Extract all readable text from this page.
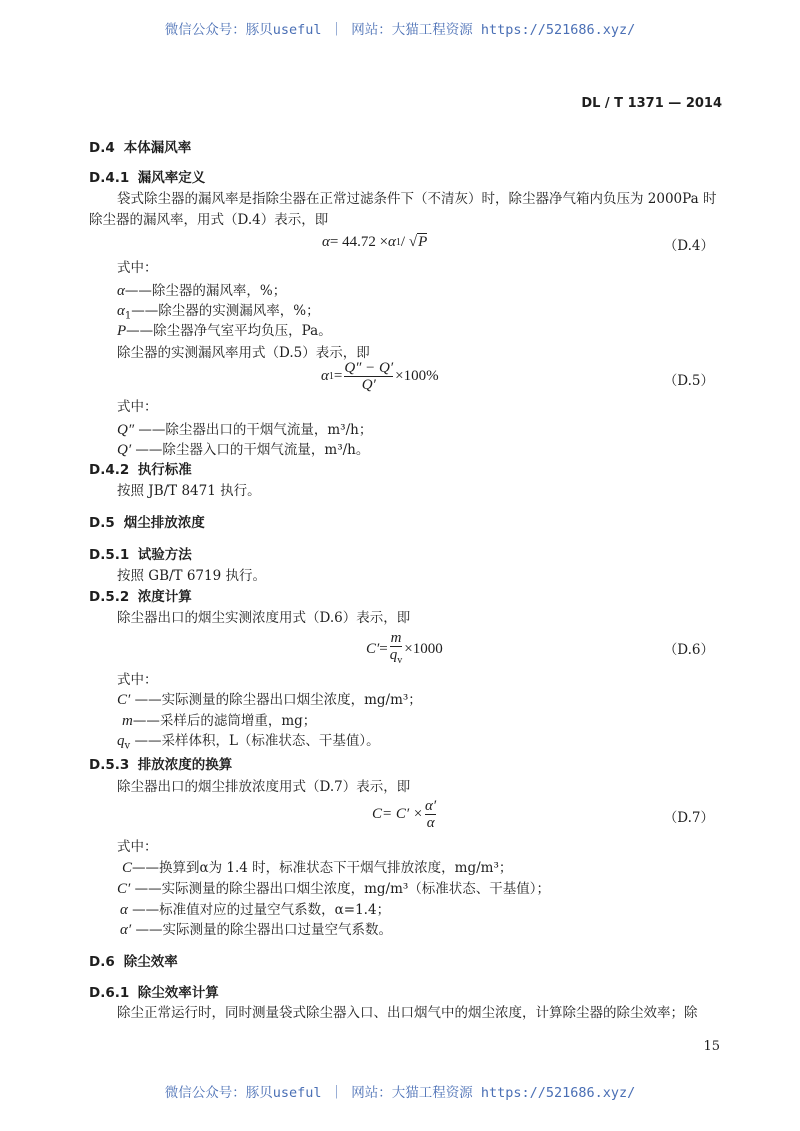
微信公众号：豚贝useful ｜ 网站：大猫工程资源 https://521686.xyz/
DL / T 1371 — 2014
D.4 本体漏风率
D.4.1 漏风率定义
袋式除尘器的漏风率是指除尘器在正常过滤条件下（不清灰）时，除尘器净气箱内负压为 2000Pa 时
除尘器的漏风率，用式（D.4）表示，即
α = 44.72 × α 1 / √ P	（D.4）
式中：
α——除尘器的漏风率，%；
$\alpha_1——$除尘器的实测漏风率，%；
P——除尘器净气室平均负压，Pa。
除尘器的实测漏风率用式（D.5）表示，即
α $1 = \frac{Q'' - Q'}{Q'} \times 100\%$	（D.5）
式中：
Q″ ——除尘器出口的干烟气流量，m³/h；
Q′ ——除尘器入口的干烟气流量，m³/h。
D.4.2 执行标准
按照 JB/T 8471 执行。
D.5 烟尘排放浓度
D.5.1 试验方法
按照 GB/T 6719 执行。
D.5.2 浓度计算
除尘器出口的烟尘实测浓度用式（D.6）表示，即
$C' = \frac{m}{q_v} \times 1000$	（D.6）
式中：
C′ ——实际测量的除尘器出口烟尘浓度，mg/m³；
m——采样后的滤筒增重，mg；
$q_v$ ——采样体积，L（标准状态、干基值）。
D.5.3 排放浓度的换算
除尘器出口的烟尘排放浓度用式（D.7）表示，即
$C = C' \times \frac{\alpha'}{\alpha}$	（D.7）
式中：
C——换算到α为 1.4 时，标准状态下干烟气排放浓度，mg/m³；
C′ ——实际测量的除尘器出口烟尘浓度，mg/m³（标准状态、干基值）；
α ——标准值对应的过量空气系数，α=1.4；
α′ ——实际测量的除尘器出口过量空气系数。
D.6 除尘效率
D.6.1 除尘效率计算
除尘正常运行时，同时测量袋式除尘器入口、出口烟气中的烟尘浓度，计算除尘器的除尘效率；除
15
微信公众号：豚贝useful ｜ 网站：大猫工程资源 https://521686.xyz/
